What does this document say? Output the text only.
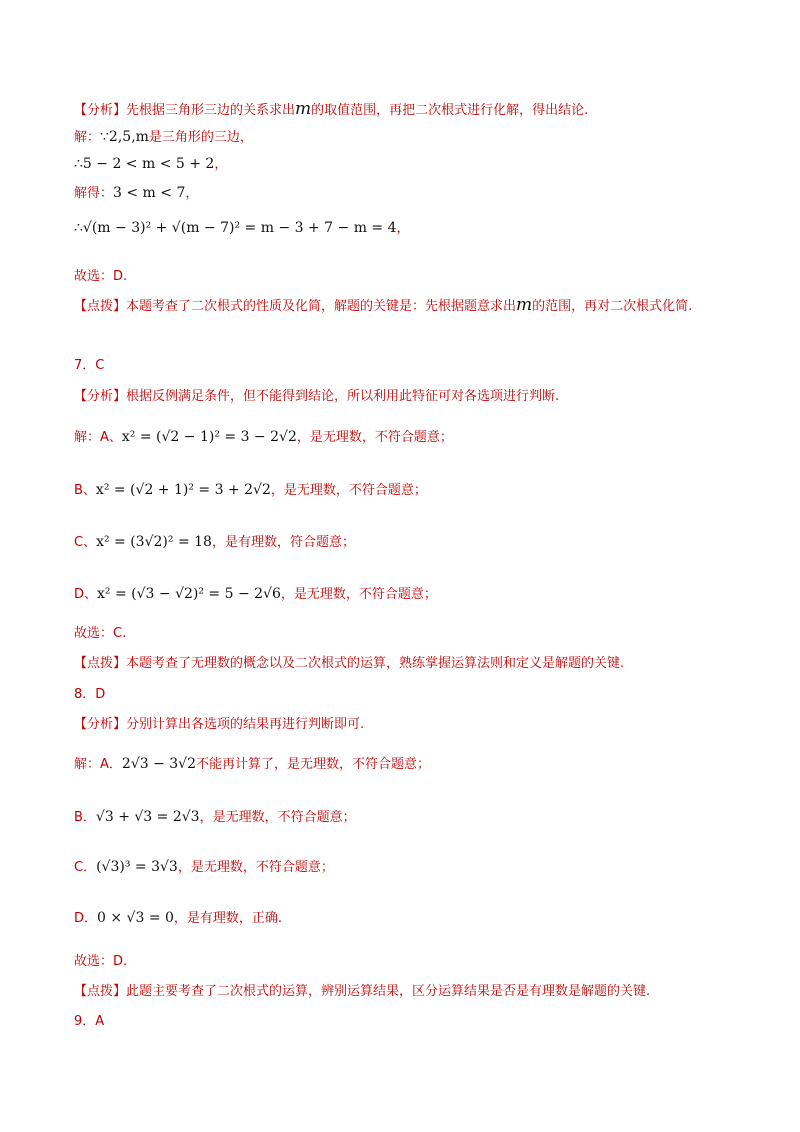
【分析】先根据三角形三边的关系求出m的取值范围，再把二次根式进行化解，得出结论.
解：∵2,5,m是三角形的三边，
∴5 − 2 < m < 5 + 2，
解得：3 < m < 7，
∴√(m − 3)² + √(m − 7)² = m − 3 + 7 − m = 4，
故选：D.
【点拨】本题考查了二次根式的性质及化简，解题的关键是：先根据题意求出m的范围，再对二次根式化简.
7．C
【分析】根据反例满足条件，但不能得到结论，所以利用此特征可对各选项进行判断.
解：A、x² = (√2 − 1)² = 3 − 2√2，是无理数，不符合题意；
B、x² = (√2 + 1)² = 3 + 2√2，是无理数，不符合题意；
C、x² = (3√2)² = 18，是有理数，符合题意；
D、x² = (√3 − √2)² = 5 − 2√6，是无理数，不符合题意；
故选：C.
【点拨】本题考查了无理数的概念以及二次根式的运算，熟练掌握运算法则和定义是解题的关键.
8．D
【分析】分别计算出各选项的结果再进行判断即可.
解：A．2√3 − 3√2不能再计算了，是无理数，不符合题意；
B．√3 + √3 = 2√3，是无理数，不符合题意；
C．(√3)³ = 3√3，是无理数，不符合题意；
D．0 × √3 = 0，是有理数，正确.
故选：D.
【点拨】此题主要考查了二次根式的运算，辨别运算结果，区分运算结果是否是有理数是解题的关键.
9．A
